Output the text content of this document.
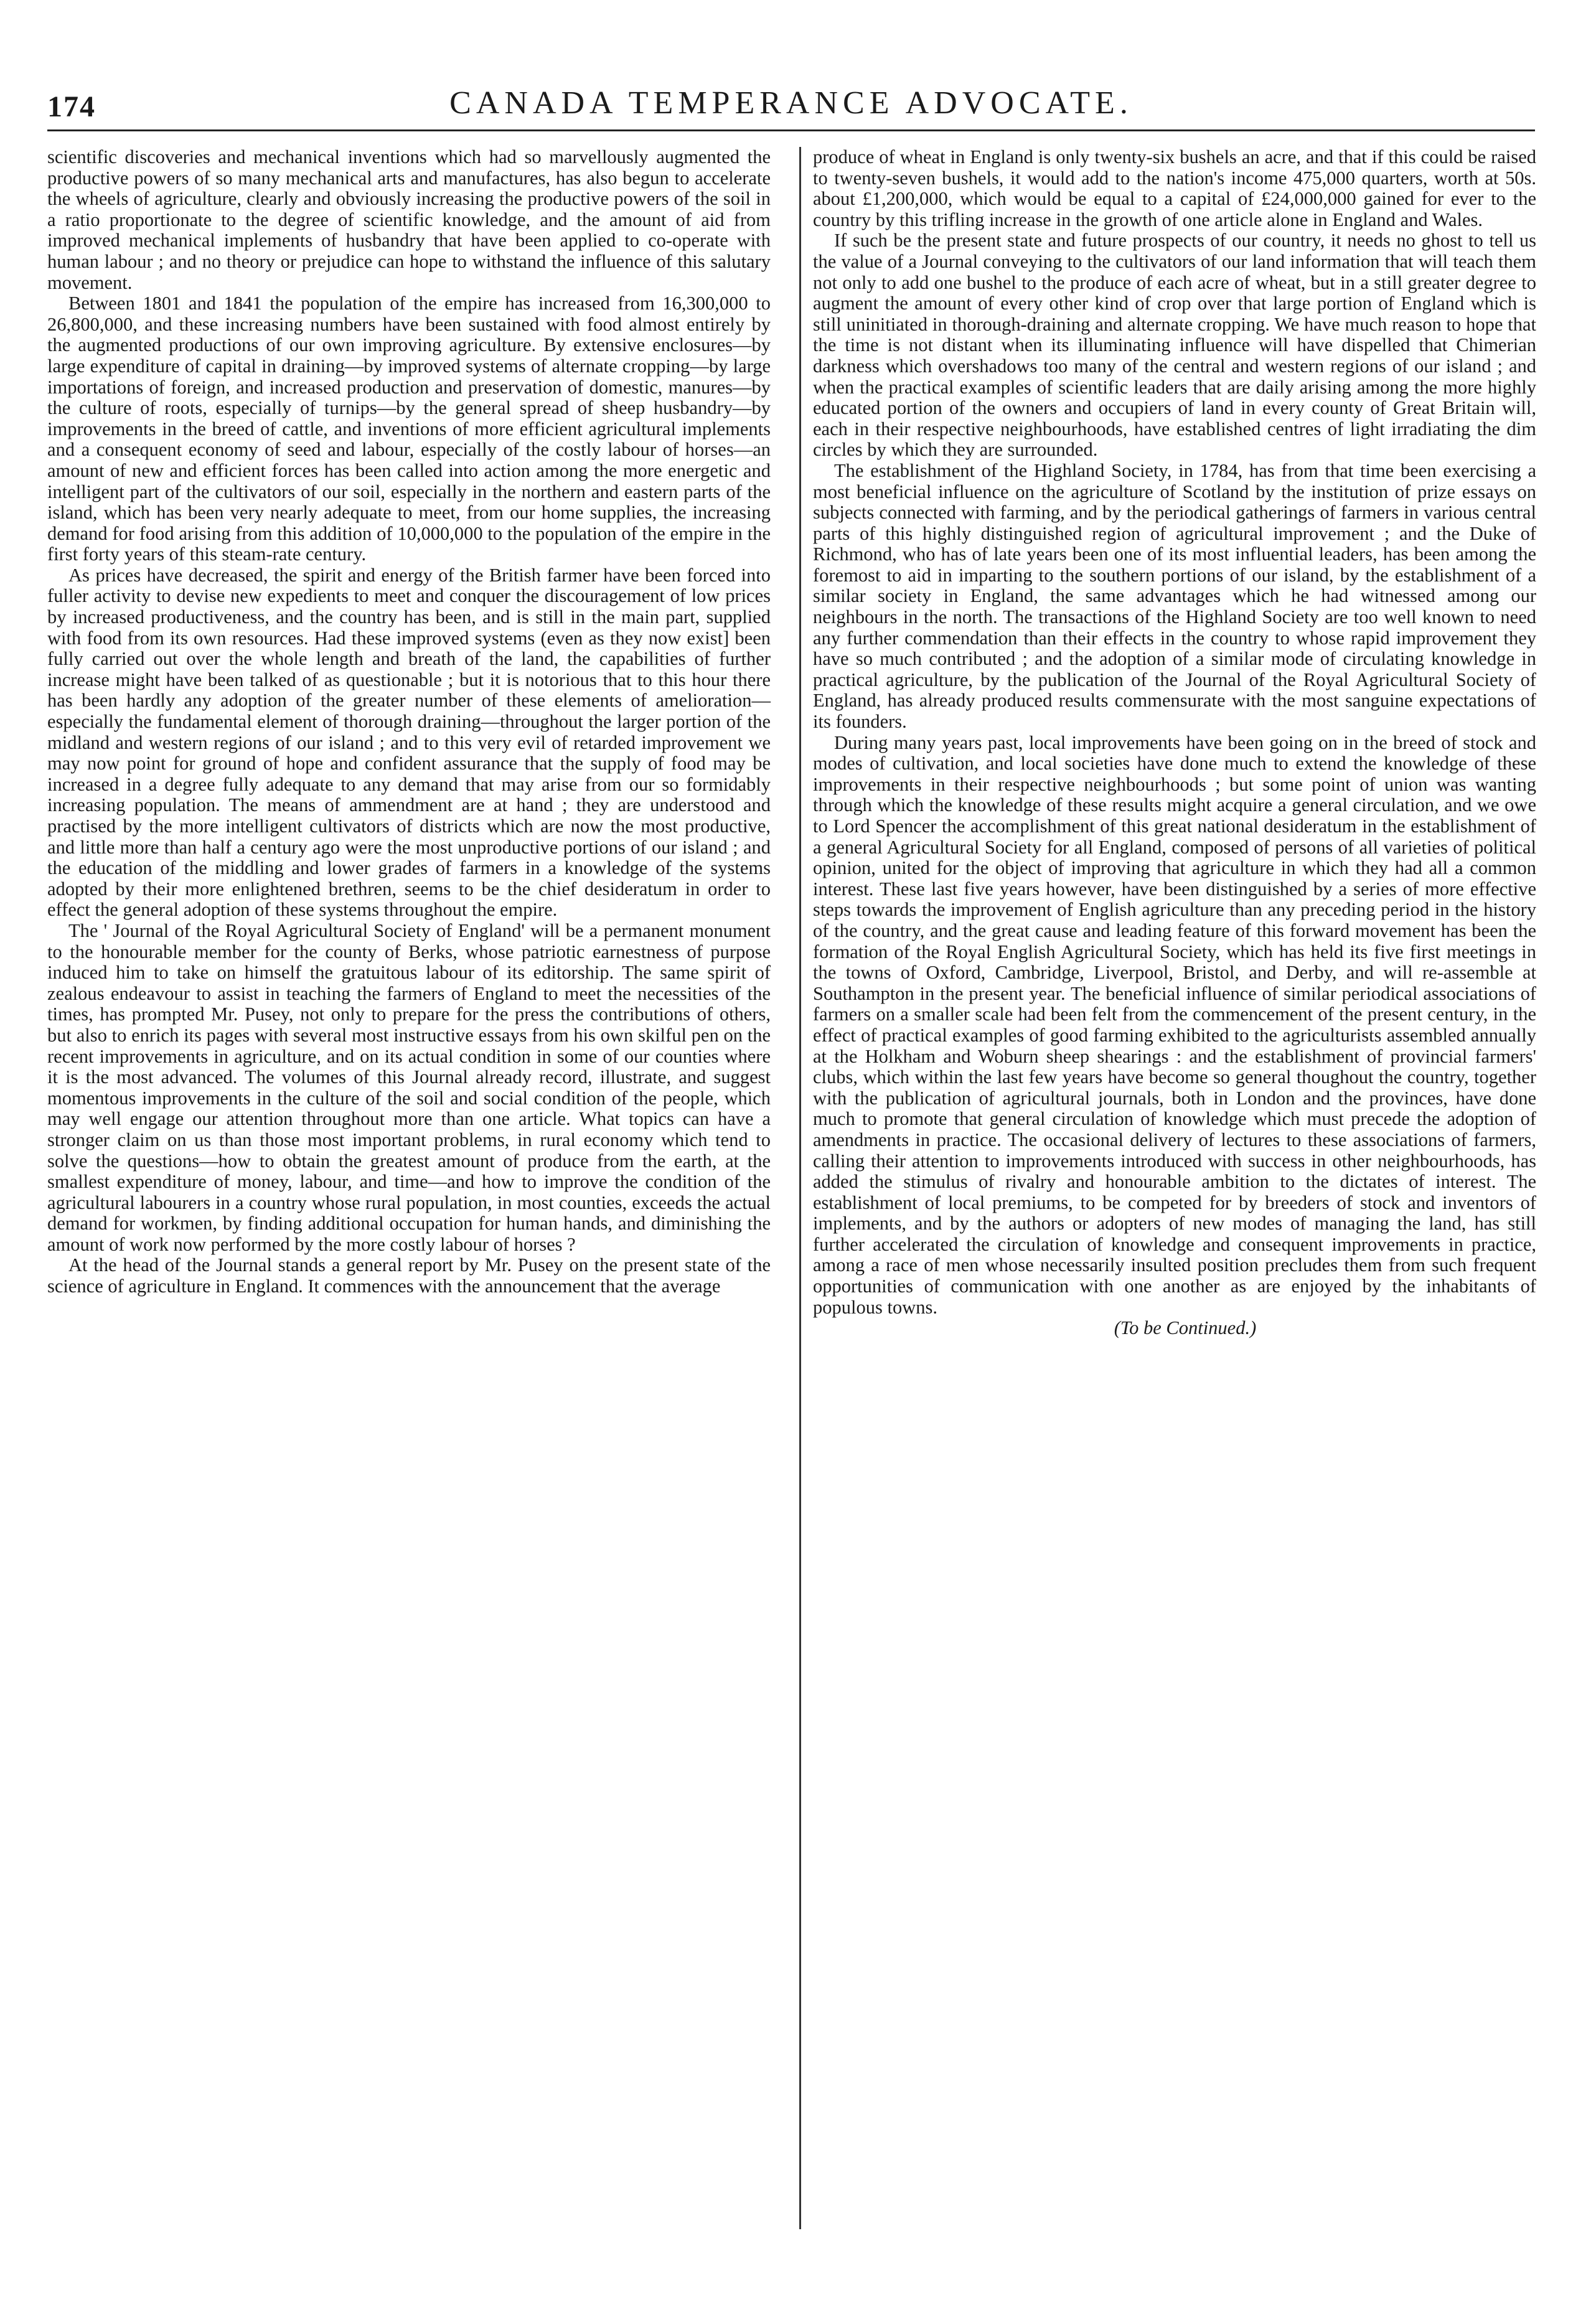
174	CANADA TEMPERANCE ADVOCATE.

scientific discoveries and mechanical inventions which had so marvellously augmented the productive powers of so many mechanical arts and manufactures, has also begun to accelerate the wheels of agriculture, clearly and obviously increasing the productive powers of the soil in a ratio proportionate to the degree of scientific knowledge, and the amount of aid from improved mechanical implements of husbandry that have been applied to co-operate with human labour ; and no theory or prejudice can hope to withstand the influence of this salutary movement.

Between 1801 and 1841 the population of the empire has increased from 16,300,000 to 26,800,000, and these increasing numbers have been sustained with food almost entirely by the augmented productions of our own improving agriculture. By extensive enclosures—by large expenditure of capital in draining—by improved systems of alternate cropping—by large importations of foreign, and increased production and preservation of domestic, manures—by the culture of roots, especially of turnips—by the general spread of sheep husbandry—by improvements in the breed of cattle, and inventions of more efficient agricultural implements and a consequent economy of seed and labour, especially of the costly labour of horses—an amount of new and efficient forces has been called into action among the more energetic and intelligent part of the cultivators of our soil, especially in the northern and eastern parts of the island, which has been very nearly adequate to meet, from our home supplies, the increasing demand for food arising from this addition of 10,000,000 to the population of the empire in the first forty years of this steam-rate century.

As prices have decreased, the spirit and energy of the British farmer have been forced into fuller activity to devise new expedients to meet and conquer the discouragement of low prices by increased productiveness, and the country has been, and is still in the main part, supplied with food from its own resources. Had these improved systems (even as they now exist] been fully carried out over the whole length and breath of the land, the capabilities of further increase might have been talked of as questionable ; but it is notorious that to this hour there has been hardly any adoption of the greater number of these elements of amelioration—especially the fundamental element of thorough draining—throughout the larger portion of the midland and western regions of our island ; and to this very evil of retarded improvement we may now point for ground of hope and confident assurance that the supply of food may be increased in a degree fully adequate to any demand that may arise from our so formidably increasing population. The means of ammendment are at hand ; they are understood and practised by the more intelligent cultivators of districts which are now the most productive, and little more than half a century ago were the most unproductive portions of our island ; and the education of the middling and lower grades of farmers in a knowledge of the systems adopted by their more enlightened brethren, seems to be the chief desideratum in order to effect the general adoption of these systems throughout the empire.

The ' Journal of the Royal Agricultural Society of England' will be a permanent monument to the honourable member for the county of Berks, whose patriotic earnestness of purpose induced him to take on himself the gratuitous labour of its editorship. The same spirit of zealous endeavour to assist in teaching the farmers of England to meet the necessities of the times, has prompted Mr. Pusey, not only to prepare for the press the contributions of others, but also to enrich its pages with several most instructive essays from his own skilful pen on the recent improvements in agriculture, and on its actual condition in some of our counties where it is the most advanced. The volumes of this Journal already record, illustrate, and suggest momentous improvements in the culture of the soil and social condition of the people, which may well engage our attention throughout more than one article. What topics can have a stronger claim on us than those most important problems, in rural economy which tend to solve the questions—how to obtain the greatest amount of produce from the earth, at the smallest expenditure of money, labour, and time—and how to improve the condition of the agricultural labourers in a country whose rural population, in most counties, exceeds the actual demand for workmen, by finding additional occupation for human hands, and diminishing the amount of work now performed by the more costly labour of horses ?

At the head of the Journal stands a general report by Mr. Pusey on the present state of the science of agriculture in England. It commences with the announcement that the average

produce of wheat in England is only twenty-six bushels an acre, and that if this could be raised to twenty-seven bushels, it would add to the nation's income 475,000 quarters, worth at 50s. about £1,200,000, which would be equal to a capital of £24,000,000 gained for ever to the country by this trifling increase in the growth of one article alone in England and Wales.

If such be the present state and future prospects of our country, it needs no ghost to tell us the value of a Journal conveying to the cultivators of our land information that will teach them not only to add one bushel to the produce of each acre of wheat, but in a still greater degree to augment the amount of every other kind of crop over that large portion of England which is still uninitiated in thorough-draining and alternate cropping. We have much reason to hope that the time is not distant when its illuminating influence will have dispelled that Chimerian darkness which overshadows too many of the central and western regions of our island ; and when the practical examples of scientific leaders that are daily arising among the more highly educated portion of the owners and occupiers of land in every county of Great Britain will, each in their respective neighbourhoods, have established centres of light irradiating the dim circles by which they are surrounded.

The establishment of the Highland Society, in 1784, has from that time been exercising a most beneficial influence on the agriculture of Scotland by the institution of prize essays on subjects connected with farming, and by the periodical gatherings of farmers in various central parts of this highly distinguished region of agricultural improvement ; and the Duke of Richmond, who has of late years been one of its most influential leaders, has been among the foremost to aid in imparting to the southern portions of our island, by the establishment of a similar society in England, the same advantages which he had witnessed among our neighbours in the north. The transactions of the Highland Society are too well known to need any further commendation than their effects in the country to whose rapid improvement they have so much contributed ; and the adoption of a similar mode of circulating knowledge in practical agriculture, by the publication of the Journal of the Royal Agricultural Society of England, has already produced results commensurate with the most sanguine expectations of its founders.

During many years past, local improvements have been going on in the breed of stock and modes of cultivation, and local societies have done much to extend the knowledge of these improvements in their respective neighbourhoods ; but some point of union was wanting through which the knowledge of these results might acquire a general circulation, and we owe to Lord Spencer the accomplishment of this great national desideratum in the establishment of a general Agricultural Society for all England, composed of persons of all varieties of political opinion, united for the object of improving that agriculture in which they had all a common interest. These last five years however, have been distinguished by a series of more effective steps towards the improvement of English agriculture than any preceding period in the history of the country, and the great cause and leading feature of this forward movement has been the formation of the Royal English Agricultural Society, which has held its five first meetings in the towns of Oxford, Cambridge, Liverpool, Bristol, and Derby, and will re-assemble at Southampton in the present year. The beneficial influence of similar periodical associations of farmers on a smaller scale had been felt from the commencement of the present century, in the effect of practical examples of good farming exhibited to the agriculturists assembled annually at the Holkham and Woburn sheep shearings : and the establishment of provincial farmers' clubs, which within the last few years have become so general thoughout the country, together with the publication of agricultural journals, both in London and the provinces, have done much to promote that general circulation of knowledge which must precede the adoption of amendments in practice. The occasional delivery of lectures to these associations of farmers, calling their attention to improvements introduced with success in other neighbourhoods, has added the stimulus of rivalry and honourable ambition to the dictates of interest. The establishment of local premiums, to be competed for by breeders of stock and inventors of implements, and by the authors or adopters of new modes of managing the land, has still further accelerated the circulation of knowledge and consequent improvements in practice, among a race of men whose necessarily insulted position precludes them from such frequent opportunities of communication with one another as are enjoyed by the inhabitants of populous towns.

(To be Continued.)
